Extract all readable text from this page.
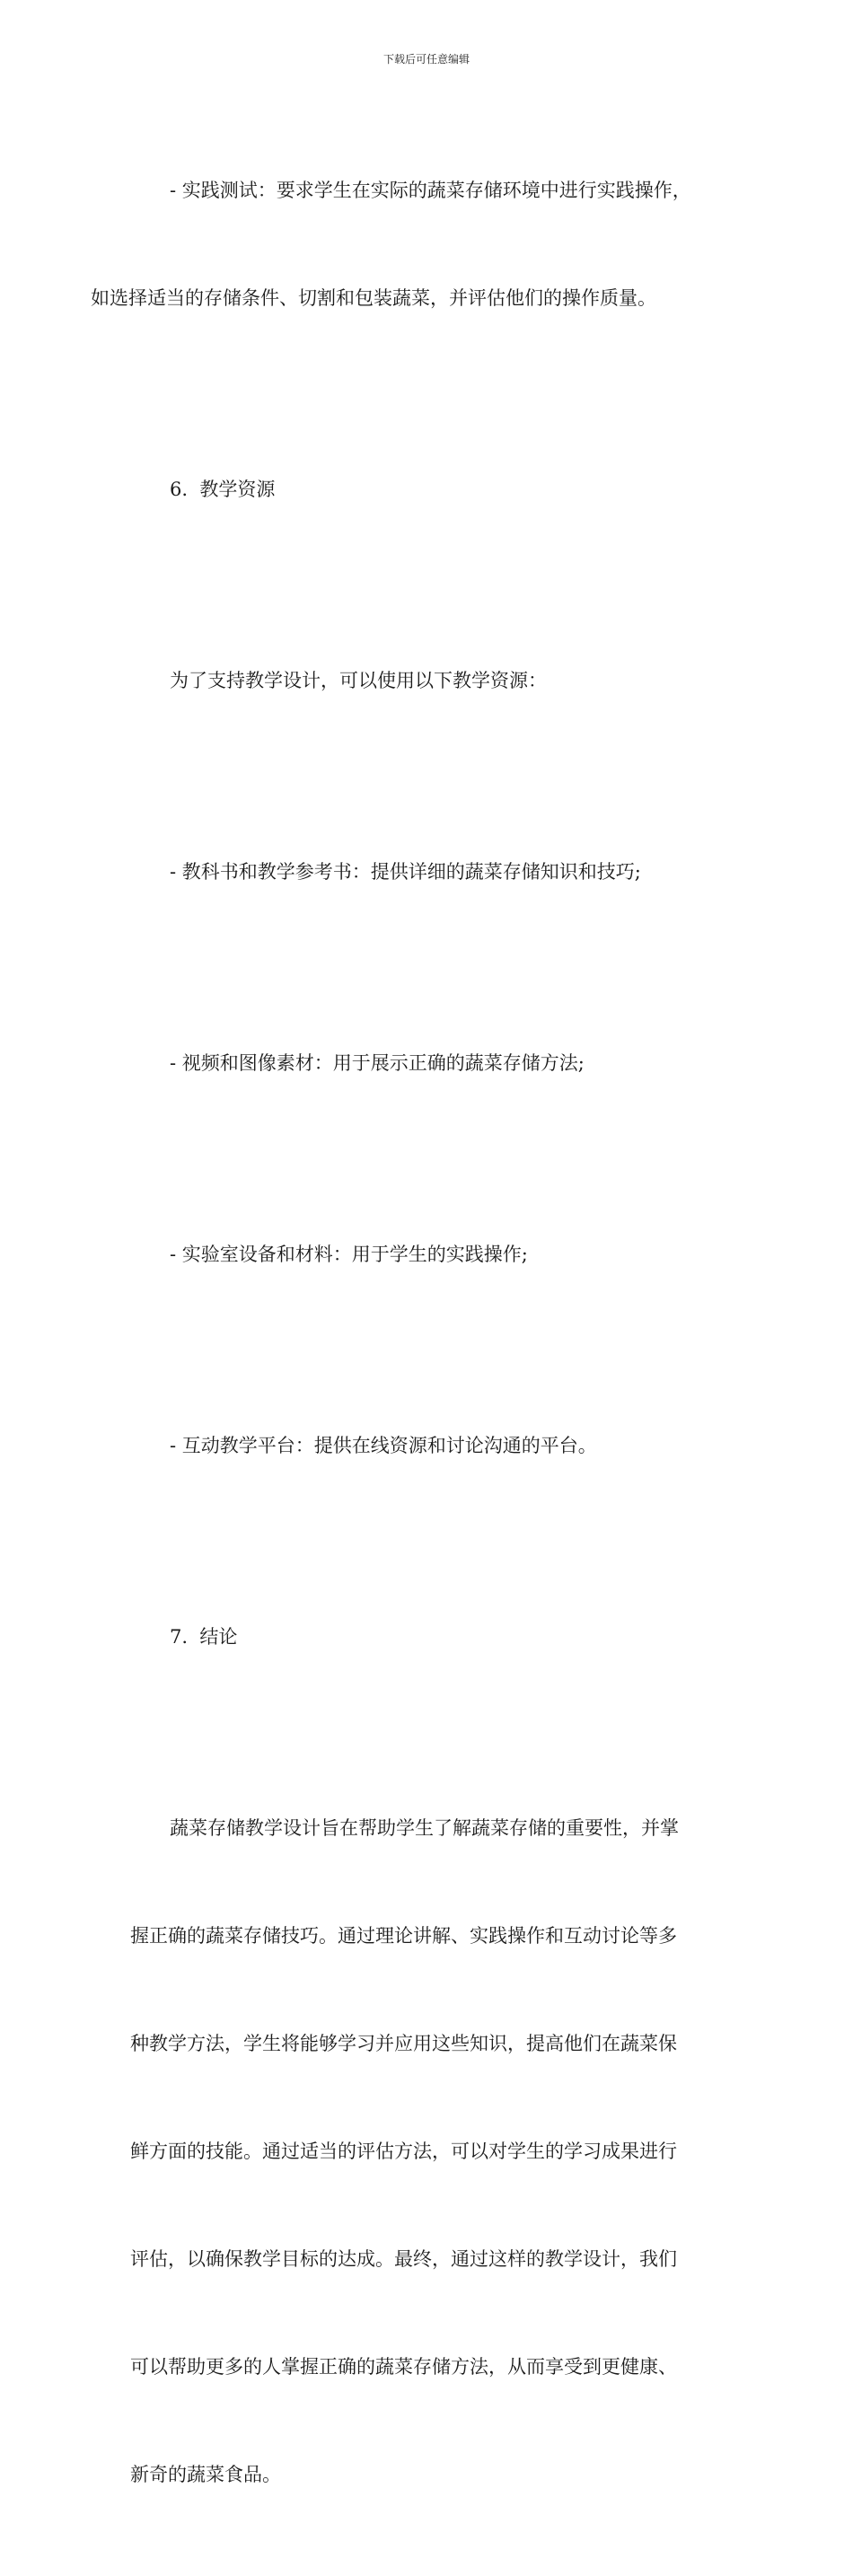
下载后可任意编辑

- 实践测试：要求学生在实际的蔬菜存储环境中进行实践操作，

如选择适当的存储条件、切割和包装蔬菜，并评估他们的操作质量。

6.  教学资源

为了支持教学设计，可以使用以下教学资源：

- 教科书和教学参考书：提供详细的蔬菜存储知识和技巧;

- 视频和图像素材：用于展示正确的蔬菜存储方法;

- 实验室设备和材料：用于学生的实践操作;

- 互动教学平台：提供在线资源和讨论沟通的平台。

7.  结论

蔬菜存储教学设计旨在帮助学生了解蔬菜存储的重要性，并掌

握正确的蔬菜存储技巧。通过理论讲解、实践操作和互动讨论等多

种教学方法，学生将能够学习并应用这些知识，提高他们在蔬菜保

鲜方面的技能。通过适当的评估方法，可以对学生的学习成果进行

评估，以确保教学目标的达成。最终，通过这样的教学设计，我们

可以帮助更多的人掌握正确的蔬菜存储方法，从而享受到更健康、

新奇的蔬菜食品。
